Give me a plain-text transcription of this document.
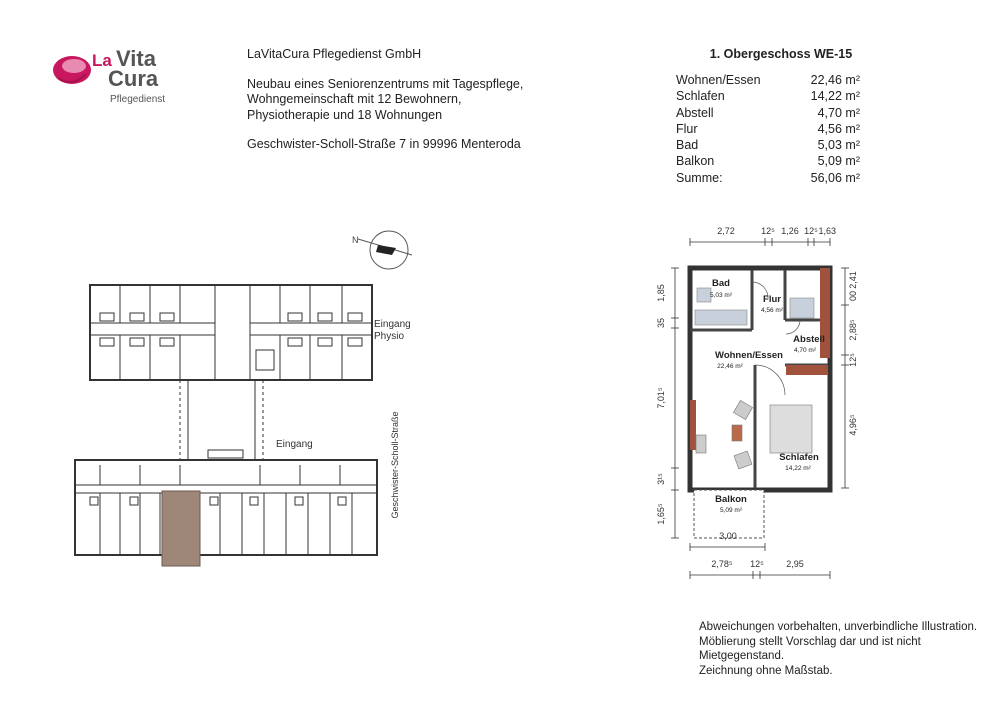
La Vita
Cura
Pflegedienst
LaVitaCura Pflegedienst GmbH
Neubau eines Seniorenzentrums mit Tagespflege,
Wohngemeinschaft mit 12 Bewohnern,
Physiotherapie und 18 Wohnungen
Geschwister-Scholl-Straße 7 in 99996 Menteroda
1. Obergeschoss WE-15
Wohnen/Essen	22,46 m²
Schlafen	14,22 m²
Abstell	4,70 m²
Flur	4,56 m²
Bad	5,03 m²
Balkon	5,09 m²
Summe:	56,06 m²
N
Eingang
Physio
Eingang	Geschwister-Scholl-Straße
Bad
5,03 m²	Flur
4,56 m²
Abstell
4,70 m²
Wohnen/Essen
22,46 m²
Schlafen
14,22 m²
Balkon
5,09 m²
2,72	12⁵ 1,26 12⁵ 1,63
1,85
35
7,01⁵
3¹⁵
1,65⁵
2,41
00
2,88⁵
12⁵
4,96⁵
3,00
2,78⁵ 12⁵ 2,95
Abweichungen vorbehalten, unverbindliche Illustration.
Möblierung stellt Vorschlag dar und ist nicht Mietgegenstand.
Zeichnung ohne Maßstab.
